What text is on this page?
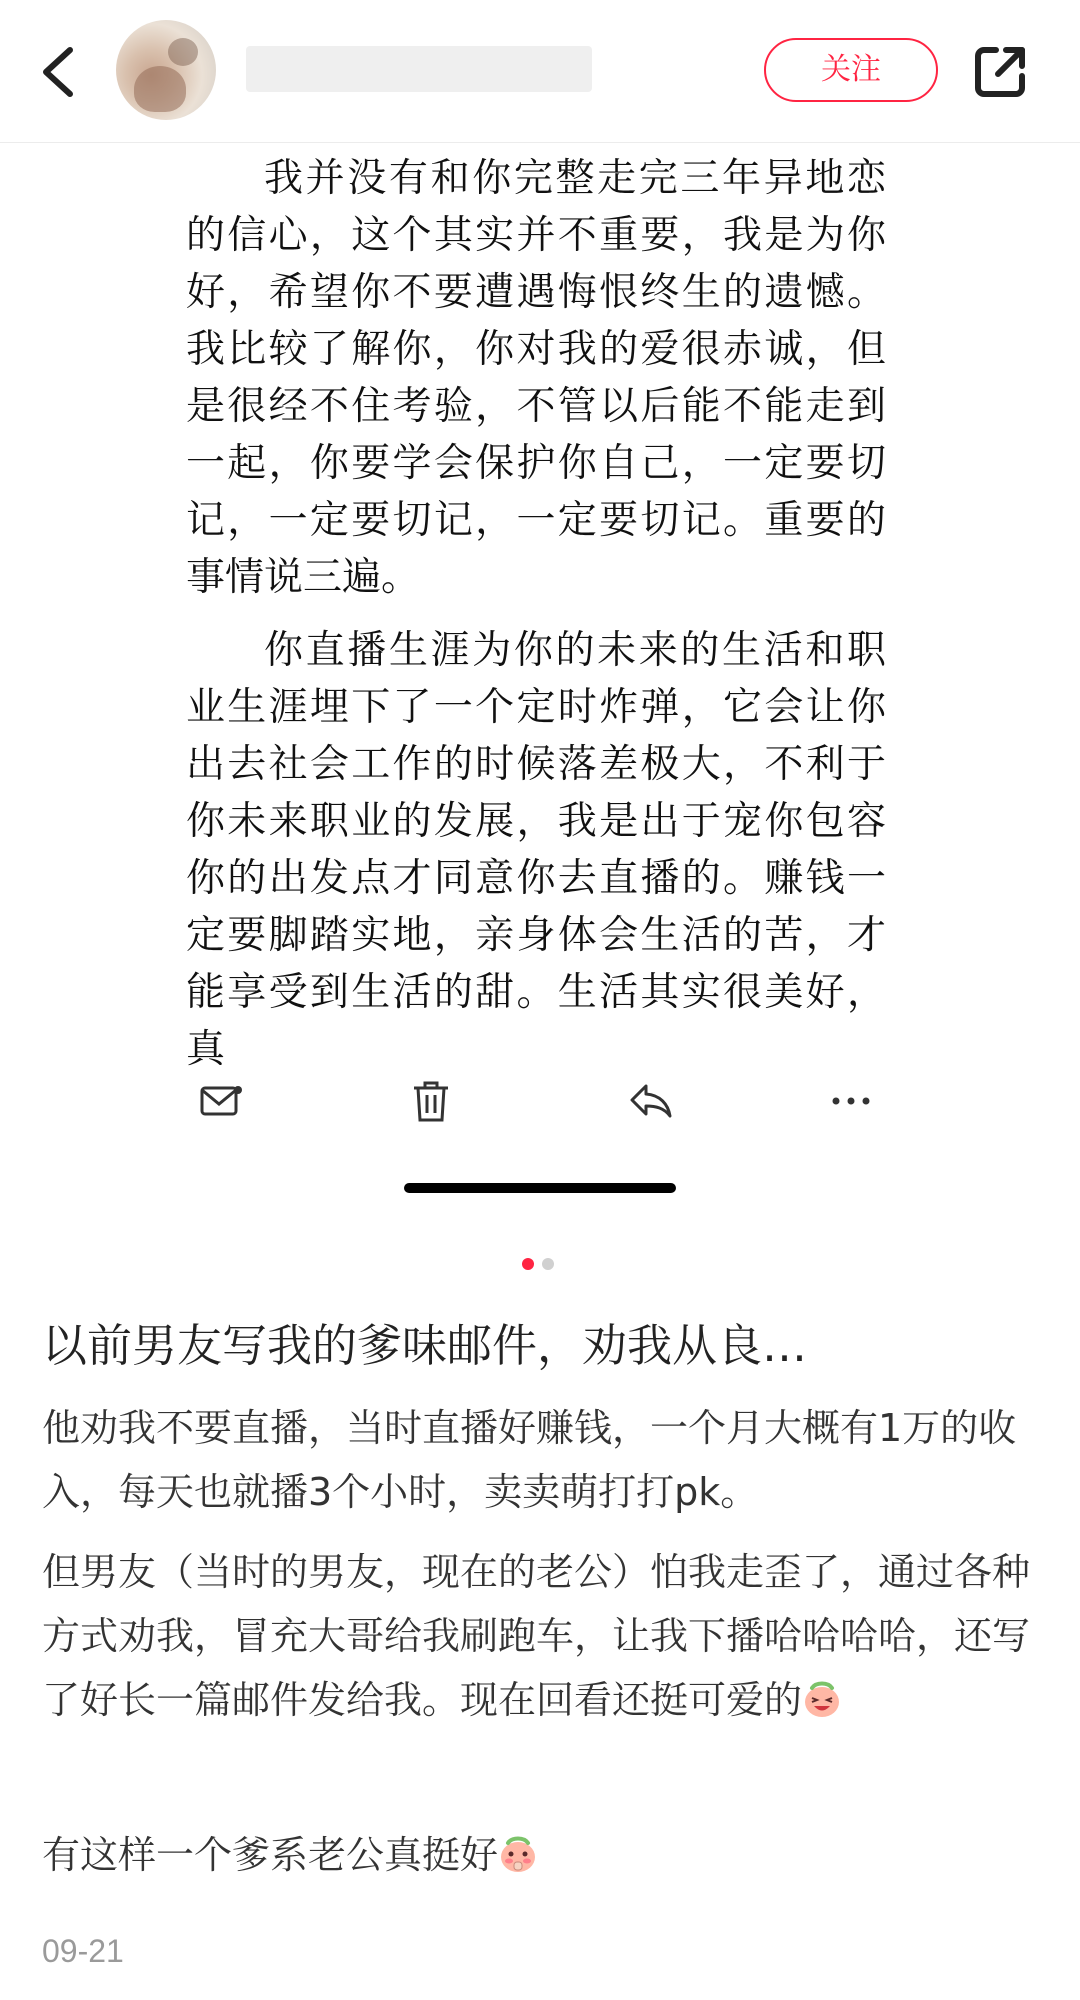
关注

我并没有和你完整走完三年异地恋的信心，这个其实并不重要，我是为你好，希望你不要遭遇悔恨终生的遗憾。我比较了解你，你对我的爱很赤诚，但是很经不住考验，不管以后能不能走到一起，你要学会保护你自己，一定要切记，一定要切记，一定要切记。重要的事情说三遍。

你直播生涯为你的未来的生活和职业生涯埋下了一个定时炸弹，它会让你出去社会工作的时候落差极大，不利于你未来职业的发展，我是出于宠你包容你的出发点才同意你去直播的。赚钱一定要脚踏实地，亲身体会生活的苦，才能享受到生活的甜。生活其实很美好，真

以前男友写我的爹味邮件，劝我从良…
他劝我不要直播，当时直播好赚钱，一个月大概有1万的收入，每天也就播3个小时，卖卖萌打打pk。
但男友（当时的男友，现在的老公）怕我走歪了，通过各种方式劝我，冒充大哥给我刷跑车，让我下播哈哈哈哈，还写了好长一篇邮件发给我。现在回看还挺可爱的
有这样一个爹系老公真挺好
09-21
